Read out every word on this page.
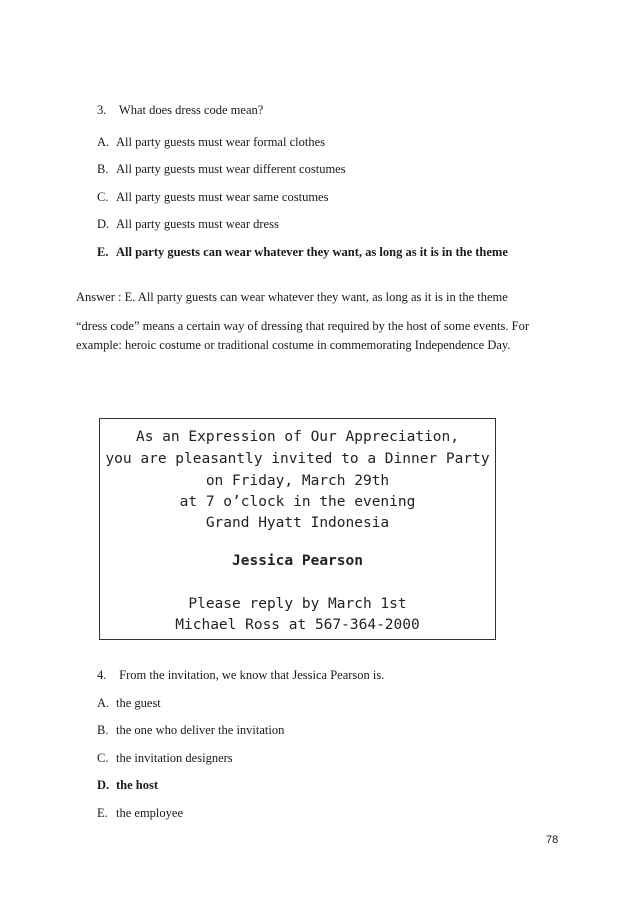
3. What does dress code mean?
A. All party guests must wear formal clothes
B. All party guests must wear different costumes
C. All party guests must wear same costumes
D. All party guests must wear dress
E. All party guests can wear whatever they want, as long as it is in the theme
Answer : E. All party guests can wear whatever they want, as long as it is in the theme
“dress code” means a certain way of dressing that required by the host of some events. For
example: heroic costume or traditional costume in commemorating Independence Day.
As an Expression of Our Appreciation,
you are pleasantly invited to a Dinner Party
on Friday, March 29th
at 7 o’clock in the evening
Grand Hyatt Indonesia
Jessica Pearson
Please reply by March 1st
Michael Ross at 567-364-2000
4. From the invitation, we know that Jessica Pearson is.
A. the guest
B. the one who deliver the invitation
C. the invitation designers
D. the host
E. the employee
78
